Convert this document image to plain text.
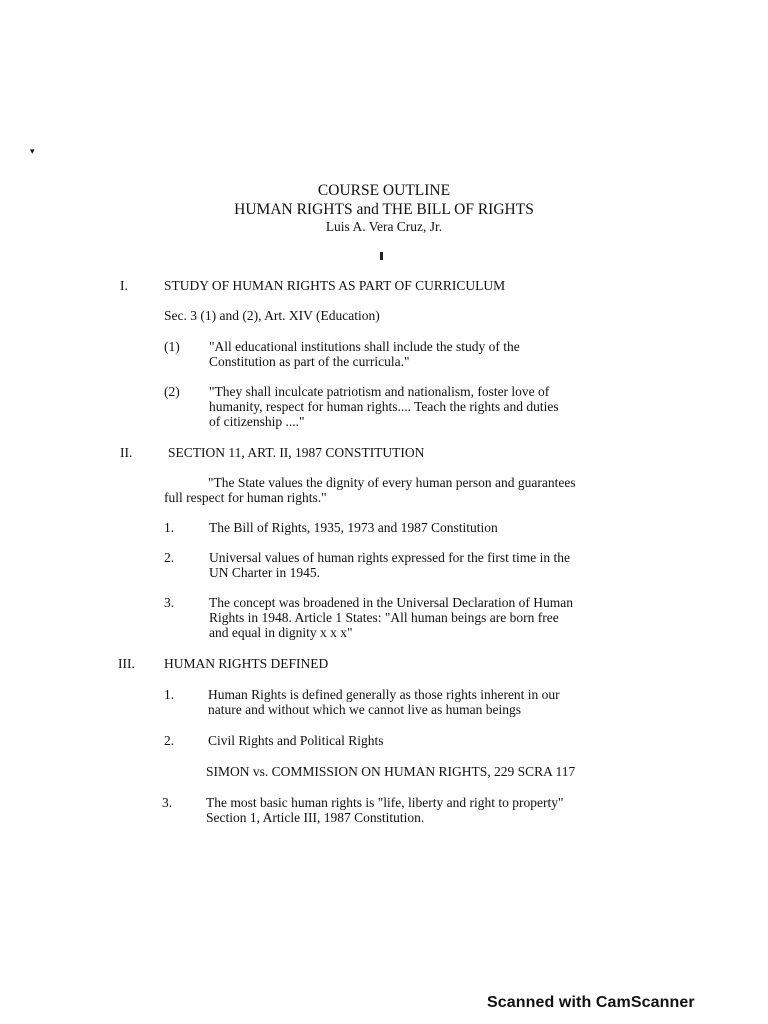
▾
COURSE OUTLINE
HUMAN RIGHTS and THE BILL OF RIGHTS
Luis A. Vera Cruz, Jr.
I.	STUDY OF HUMAN RIGHTS AS PART OF CURRICULUM
Sec. 3 (1) and (2), Art. XIV (Education)
(1) "All educational institutions shall include the study of the
Constitution as part of the curricula."
(2) "They shall inculcate patriotism and nationalism, foster love of
humanity, respect for human rights.... Teach the rights and duties
of citizenship ...."
II.	SECTION 11, ART. II, 1987 CONSTITUTION
"The State values the dignity of every human person and guarantees
full respect for human rights."
1.	The Bill of Rights, 1935, 1973 and 1987 Constitution
2.	Universal values of human rights expressed for the first time in the
UN Charter in 1945.
3.	The concept was broadened in the Universal Declaration of Human
Rights in 1948. Article 1 States: "All human beings are born free
and equal in dignity x x x"
III. HUMAN RIGHTS DEFINED
1.	Human Rights is defined generally as those rights inherent in our
nature and without which we cannot live as human beings
2.	Civil Rights and Political Rights
SIMON vs. COMMISSION ON HUMAN RIGHTS, 229 SCRA 117
3.	The most basic human rights is "life, liberty and right to property"
Section 1, Article III, 1987 Constitution.
Scanned with CamScanner
